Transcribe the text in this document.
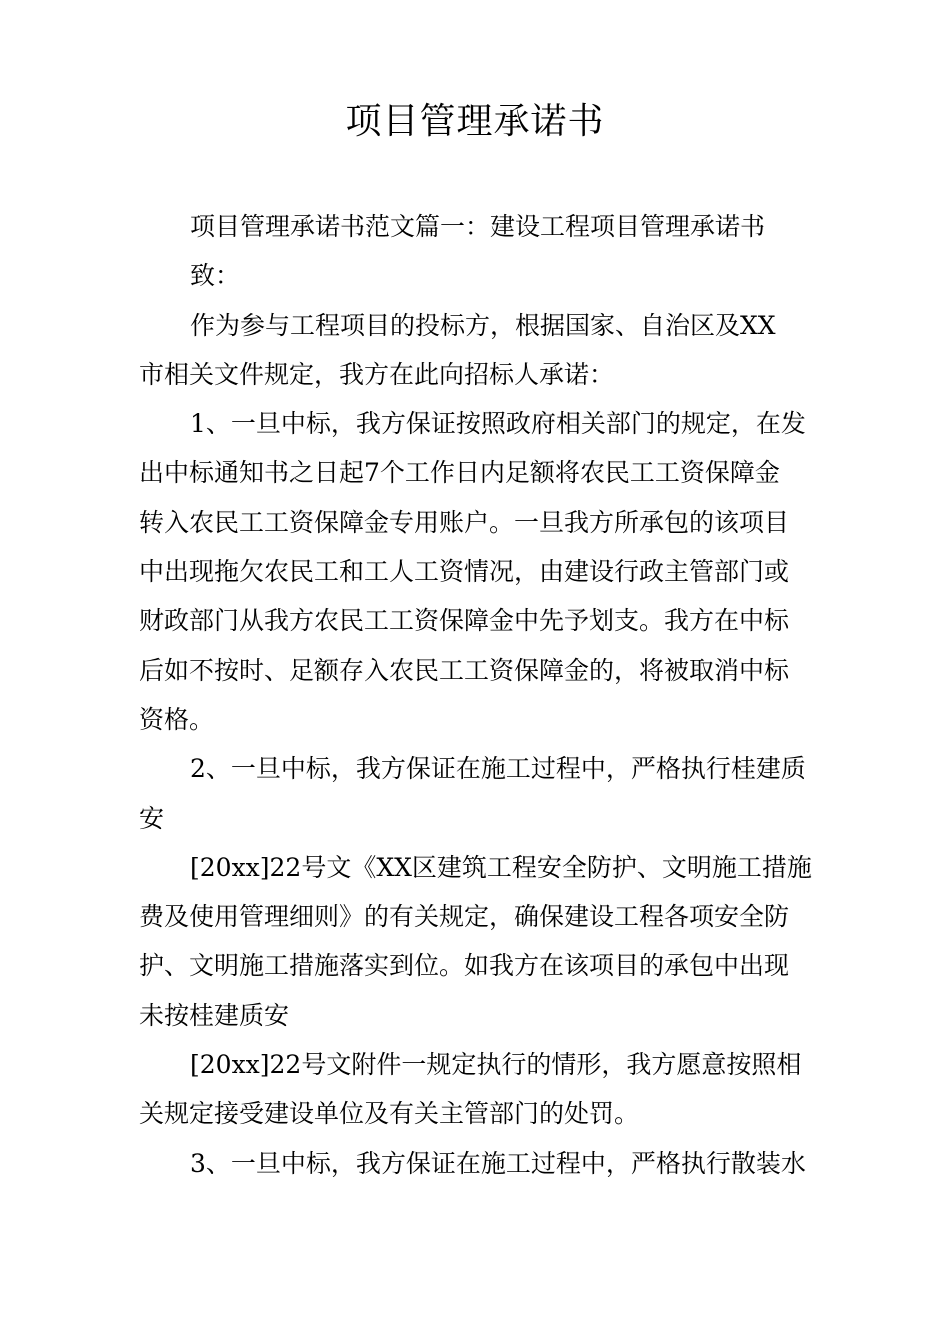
项目管理承诺书
项目管理承诺书范文篇一：建设工程项目管理承诺书
致：
作为参与工程项目的投标方，根据国家、自治区及XX
市相关文件规定，我方在此向招标人承诺：
1、一旦中标，我方保证按照政府相关部门的规定，在发
出中标通知书之日起7个工作日内足额将农民工工资保障金
转入农民工工资保障金专用账户。一旦我方所承包的该项目
中出现拖欠农民工和工人工资情况，由建设行政主管部门或
财政部门从我方农民工工资保障金中先予划支。我方在中标
后如不按时、足额存入农民工工资保障金的，将被取消中标
资格。
2、一旦中标，我方保证在施工过程中，严格执行桂建质
安
[20xx]22号文《XX区建筑工程安全防护、文明施工措施
费及使用管理细则》的有关规定，确保建设工程各项安全防
护、文明施工措施落实到位。如我方在该项目的承包中出现
未按桂建质安
[20xx]22号文附件一规定执行的情形，我方愿意按照相
关规定接受建设单位及有关主管部门的处罚。
3、一旦中标，我方保证在施工过程中，严格执行散装水
